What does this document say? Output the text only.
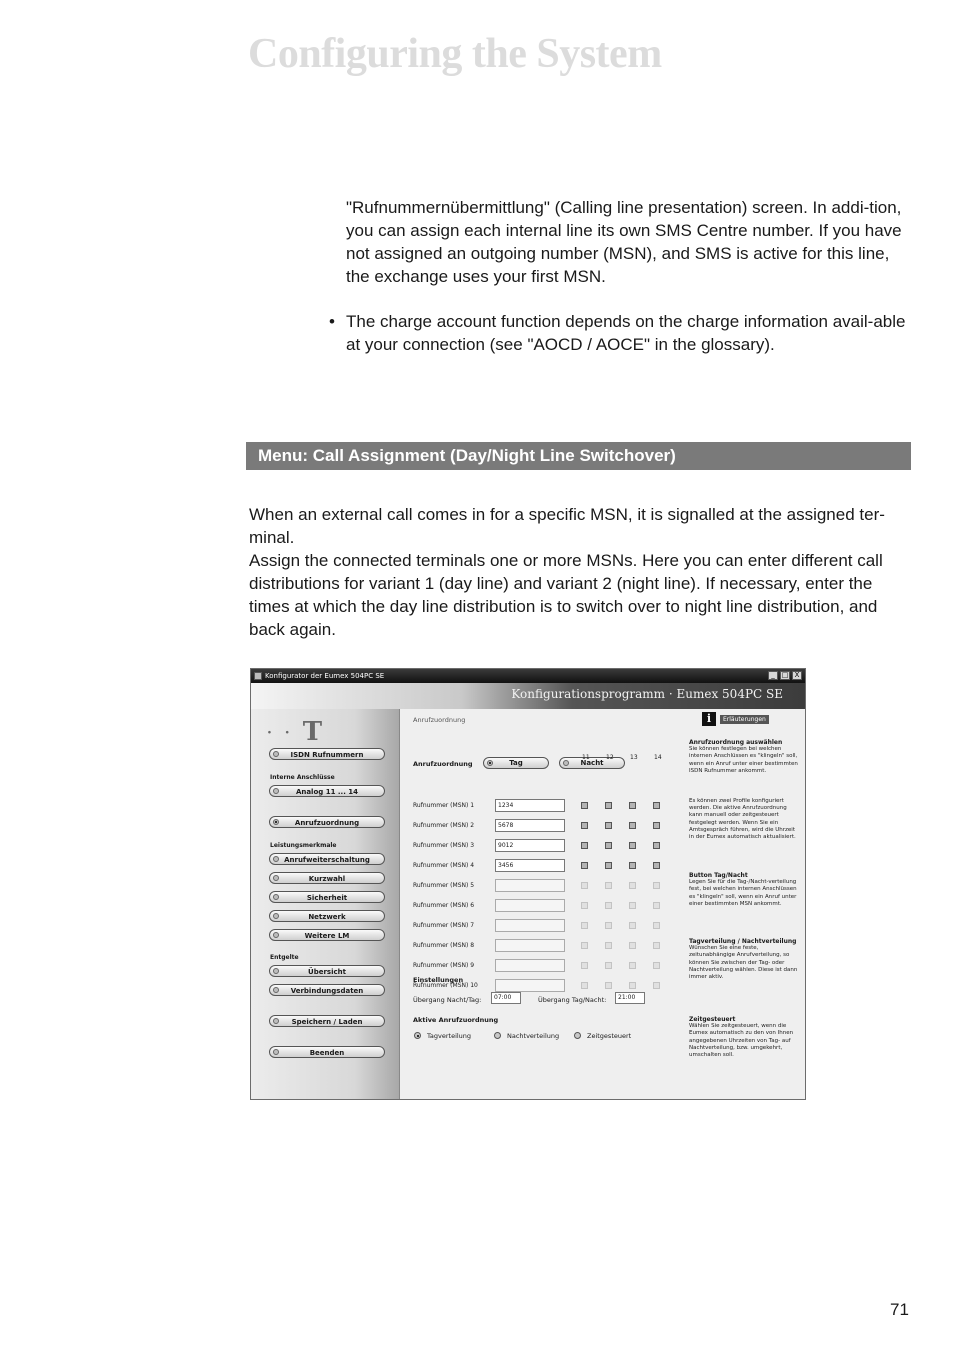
Configuring the System

"Rufnummernübermittlung" (Calling line presentation) screen. In addi-tion, you can assign each internal line its own SMS Centre number. If you have not assigned an outgoing number (MSN), and SMS is active for this line, the exchange uses your first MSN.

• The charge account function depends on the charge information avail-able at your connection (see "AOCD / AOCE" in the glossary).
Menu: Call Assignment (Day/Night Line Switchover)

When an external call comes in for a specific MSN, it is signalled at the assigned ter-minal.

Assign the connected terminals one or more MSNs. Here you can enter different call distributions for variant 1 (day line) and variant 2 (night line). If necessary, enter the times at which the day line distribution is to switch over to night line distribution, and back again.

Konfigurator der Eumex 504PC SE	_ □ X
Konfigurationsprogramm · Eumex 504PC SE
· · T
ISDN Rufnummern
Interne Anschlüsse
Analog 11 ... 14
Anrufzuordnung
Leistungsmerkmale
Anrufweiterschaltung
Kurzwahl
Sicherheit
Netzwerk
Weitere LM
Entgelte
Übersicht
Verbindungsdaten
Speichern / Laden
Beenden
Anrufzuordnung
Anrufzuordnung	Tag	Nacht
11	12	13	14
Rufnummer (MSN) 1	1234
Rufnummer (MSN) 2	5678
Rufnummer (MSN) 3	9012
Rufnummer (MSN) 4	3456
Rufnummer (MSN) 5
Rufnummer (MSN) 6
Rufnummer (MSN) 7
Rufnummer (MSN) 8
Rufnummer (MSN) 9
Rufnummer (MSN) 10
Einstellungen
Übergang Nacht/Tag:	07:00	Übergang Tag/Nacht:	21:00
Aktive Anrufzuordnung
Tagverteilung	Nachtverteilung	Zeitgesteuert
i	Erläuterungen
Anrufzuordnung auswählen
Sie können festlegen bei welchen internen Anschlüssen es "klingeln" soll, wenn ein Anruf unter einer bestimmten ISDN Rufnummer ankommt.
Es können zwei Profile konfiguriert werden. Die aktive Anrufzuordnung kann manuell oder zeitgesteuert festgelegt werden. Wenn Sie ein Amtsgespräch führen, wird die Uhrzeit in der Eumex automatisch aktualisiert.
Button Tag/Nacht
Legen Sie für die Tag-/Nacht-verteilung fest, bei welchen internen Anschlüssen es "klingeln" soll, wenn ein Anruf unter einer bestimmten MSN ankommt.
Tagverteilung / Nachtverteilung
Wünschen Sie eine feste, zeitunabhängige Anrufverteilung, so können Sie zwischen der Tag- oder Nachtverteilung wählen. Diese ist dann immer aktiv.
Zeitgesteuert
Wählen Sie zeitgesteuert, wenn die Eumex automatisch zu den von Ihnen angegebenen Uhrzeiten von Tag- auf Nachtverteilung, bzw. umgekehrt, umschalten soll.
71
